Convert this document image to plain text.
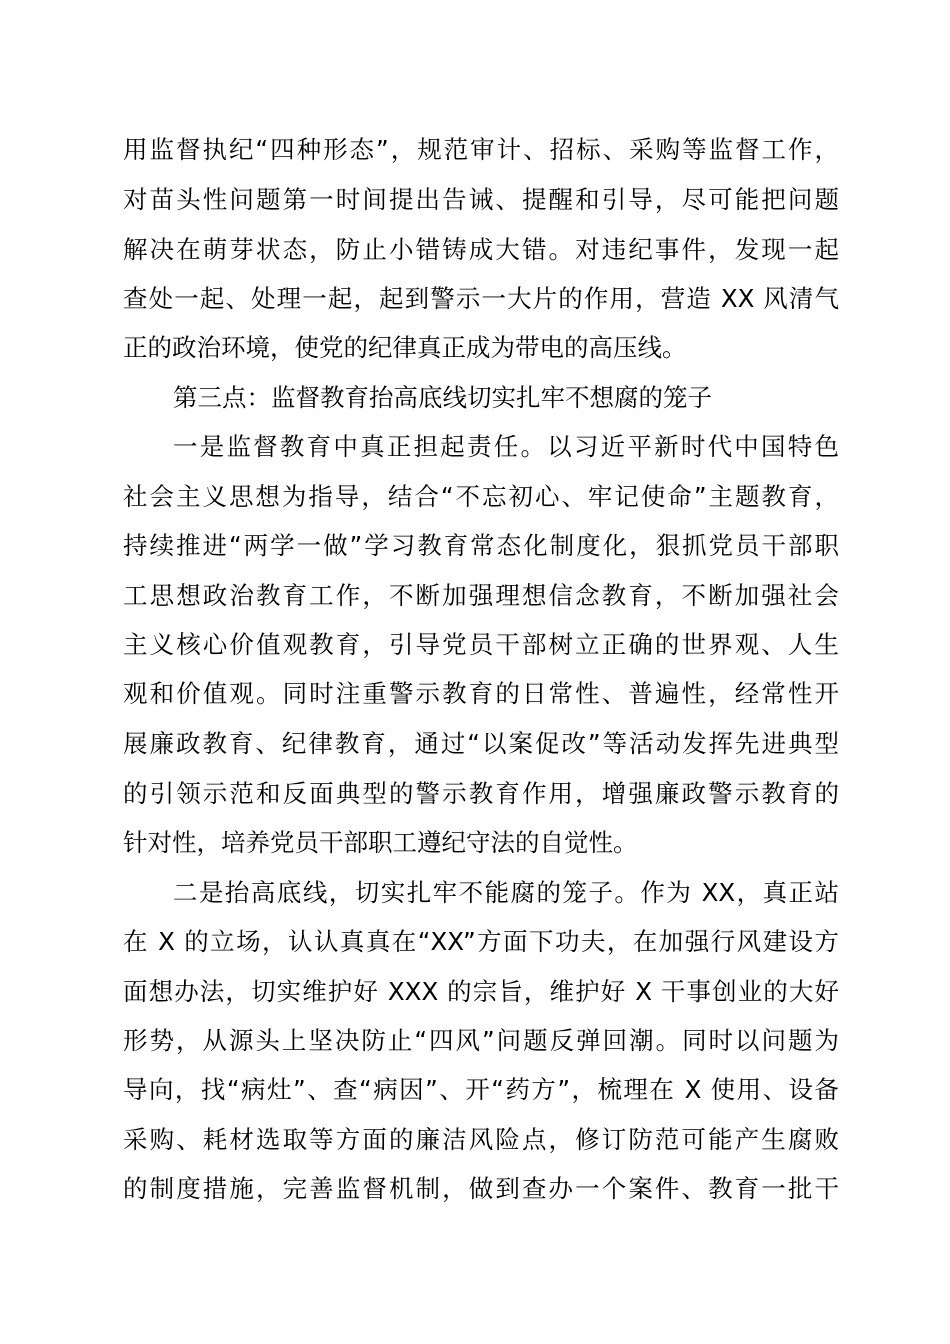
用监督执纪“四种形态”，规范审计、招标、采购等监督工作，
对苗头性问题第一时间提出告诫、提醒和引导，尽可能把问题
解决在萌芽状态，防止小错铸成大错。对违纪事件，发现一起
查处一起、处理一起，起到警示一大片的作用，营造 XX 风清气
正的政治环境，使党的纪律真正成为带电的高压线。
第三点：监督教育抬高底线切实扎牢不想腐的笼子
一是监督教育中真正担起责任。以习近平新时代中国特色
社会主义思想为指导，结合“不忘初心、牢记使命”主题教育，
持续推进“两学一做”学习教育常态化制度化，狠抓党员干部职
工思想政治教育工作，不断加强理想信念教育，不断加强社会
主义核心价值观教育，引导党员干部树立正确的世界观、人生
观和价值观。同时注重警示教育的日常性、普遍性，经常性开
展廉政教育、纪律教育，通过“以案促改”等活动发挥先进典型
的引领示范和反面典型的警示教育作用，增强廉政警示教育的
针对性，培养党员干部职工遵纪守法的自觉性。
二是抬高底线，切实扎牢不能腐的笼子。作为 XX，真正站
在 X 的立场，认认真真在“XX”方面下功夫，在加强行风建设方
面想办法，切实维护好 XXX 的宗旨，维护好 X 干事创业的大好
形势，从源头上坚决防止“四风”问题反弹回潮。同时以问题为
导向，找“病灶”、查“病因”、开“药方”，梳理在 X 使用、设备
采购、耗材选取等方面的廉洁风险点，修订防范可能产生腐败
的制度措施，完善监督机制，做到查办一个案件、教育一批干
